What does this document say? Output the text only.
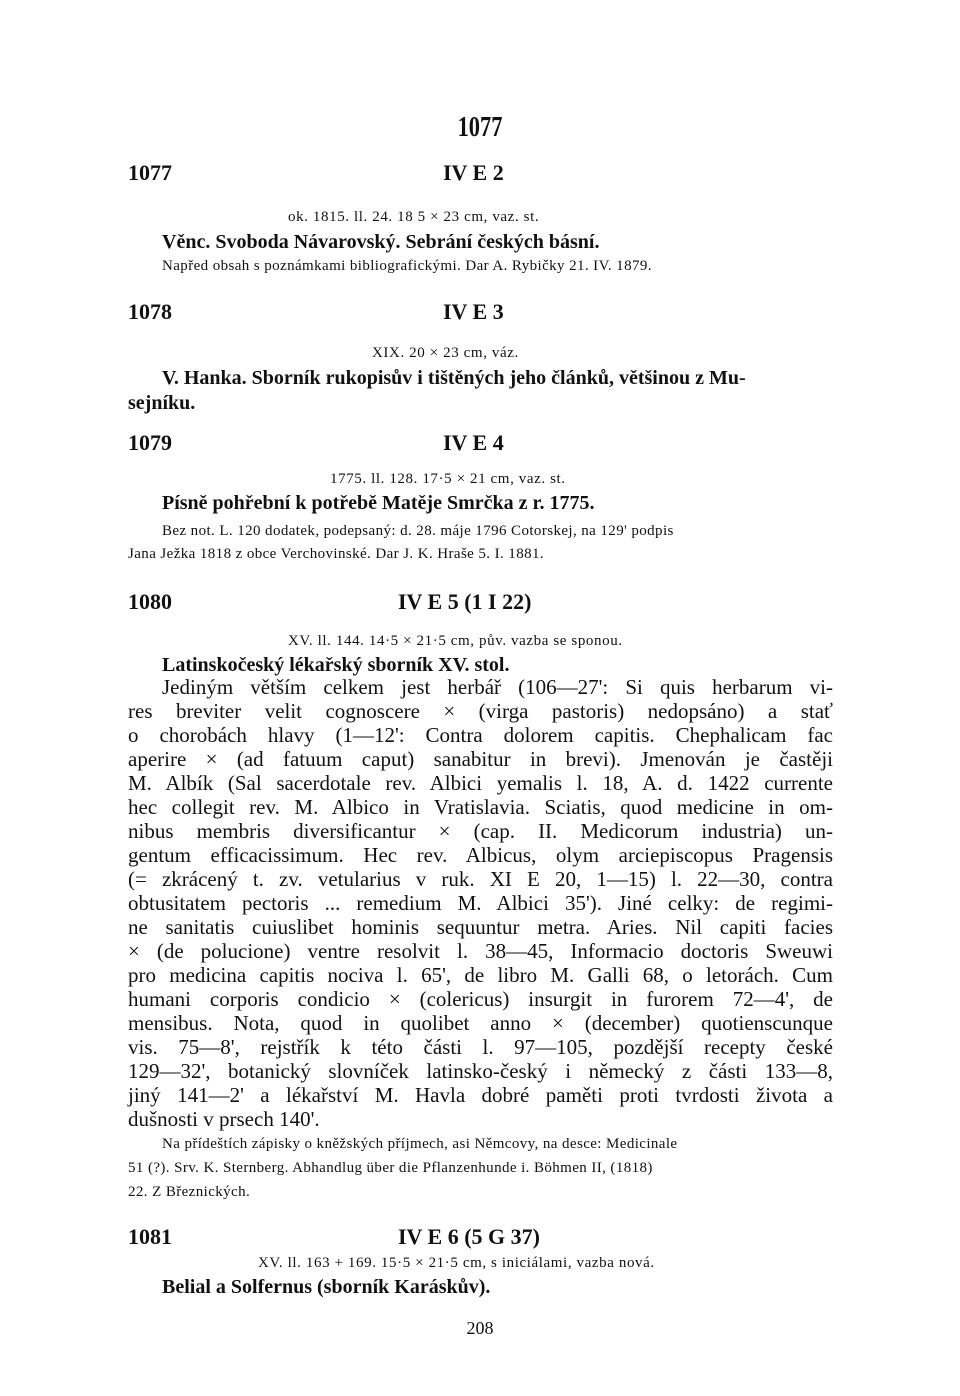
1077
1077	IV E 2
ok. 1815. ll. 24. 18 5 × 23 cm, vaz. st.
Věnc. Svoboda Návarovský. Sebrání českých básní.
Napřed obsah s poznámkami bibliografickými. Dar A. Rybičky 21. IV. 1879.
1078	IV E 3
XIX. 20 × 23 cm, váz.
V. Hanka. Sborník rukopisův i tištěných jeho článků, většinou z Mu-
sejníku.
1079	IV E 4
1775. ll. 128. 17·5 × 21 cm, vaz. st.
Písně pohřební k potřebě Matěje Smrčka z r. 1775.
Bez not. L. 120 dodatek, podepsaný: d. 28. máje 1796 Cotorskej, na 129' podpis
Jana Ježka 1818 z obce Verchovinské. Dar J. K. Hraše 5. I. 1881.
1080	IV E 5 (1 I 22)
XV. ll. 144. 14·5 × 21·5 cm, pův. vazba se sponou.
Latinskočeský lékařský sborník XV. stol.
Jediným větším celkem jest herbář (106—27': Si quis herbarum vi-
res breviter velit cognoscere × (virga pastoris) nedopsáno) a stať
o chorobách hlavy (1—12': Contra dolorem capitis. Chephalicam fac
aperire × (ad fatuum caput) sanabitur in brevi). Jmenován je častěji
M. Albík (Sal sacerdotale rev. Albici yemalis l. 18, A. d. 1422 currente
hec collegit rev. M. Albico in Vratislavia. Sciatis, quod medicine in om-
nibus membris diversificantur × (cap. II. Medicorum industria) un-
gentum efficacissimum. Hec rev. Albicus, olym arciepiscopus Pragensis
(= zkrácený t. zv. vetularius v ruk. XI E 20, 1—15) l. 22—30, contra
obtusitatem pectoris ... remedium M. Albici 35'). Jiné celky: de regimi-
ne sanitatis cuiuslibet hominis sequuntur metra. Aries. Nil capiti facies
× (de polucione) ventre resolvit l. 38—45, Informacio doctoris Sweuwi
pro medicina capitis nociva l. 65', de libro M. Galli 68, o letorách. Cum
humani corporis condicio × (colericus) insurgit in furorem 72—4', de
mensibus. Nota, quod in quolibet anno × (december) quotienscunque
vis. 75—8', rejstřík k této části l. 97—105, pozdější recepty české
129—32', botanický slovníček latinsko-český i německý z části 133—8,
jiný 141—2' a lékařství M. Havla dobré paměti proti tvrdosti života a
dušnosti v prsech 140'.
Na přídeštích zápisky o kněžských příjmech, asi Němcovy, na desce: Medicinale
51 (?). Srv. K. Sternberg. Abhandlug über die Pflanzenhunde i. Böhmen II, (1818)
22. Z Březnických.
1081	IV E 6 (5 G 37)
XV. ll. 163 + 169. 15·5 × 21·5 cm, s iniciálami, vazba nová.
Belial a Solfernus (sborník Karáskův).
208
